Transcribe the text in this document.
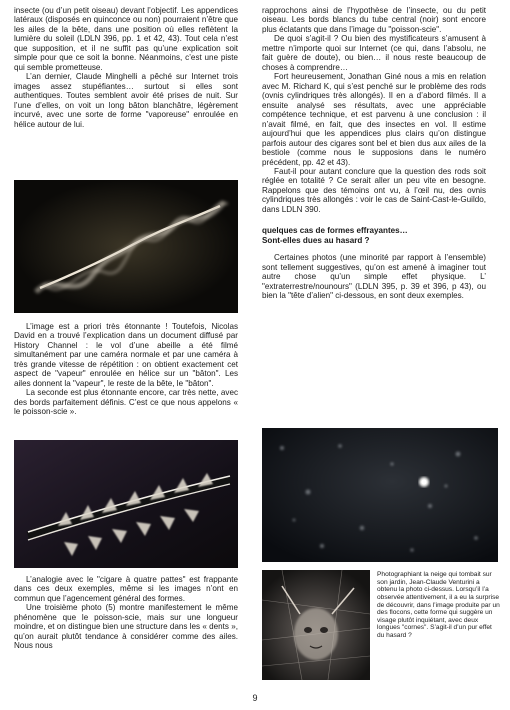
insecte (ou d’un petit oiseau) devant l’objectif. Les appendices latéraux (disposés en quinconce ou non) pourraient n’être que les ailes de la bête, dans une position où elles reflètent la lumière du soleil (LDLN 396, pp. 1 et 42, 43). Tout cela n’est que supposition, et il ne suffit pas qu’une explication soit simple pour que ce soit la bonne. Néanmoins, c’est une piste qui semble prometteuse.

L’an dernier, Claude Minghelli a pêché sur Internet trois images assez stupéfiantes… surtout si elles sont authentiques. Toutes semblent avoir été prises de nuit. Sur l’une d’elles, on voit un long bâton blanchâtre, légèrement incurvé, avec une sorte de forme "vaporeuse" enroulée en hélice autour de lui.

L’image est a priori très étonnante ! Toutefois, Nicolas David en a trouvé l’explication dans un document diffusé par History Channel : le vol d’une abeille a été filmé simultanément par une caméra normale et par une caméra à très grande vitesse de répétition : on obtient exactement cet aspect de "vapeur" enroulée en hélice sur un "bâton". Les ailes donnent la "vapeur", le reste de la bête, le "bâton".

La seconde est plus étonnante encore, car très nette, avec des bords parfaitement définis. C’est ce que nous appelons « le poisson-scie ».

L’analogie avec le "cigare à quatre pattes" est frappante dans ces deux exemples, même si les images n’ont en commun que l’agencement général des formes.

Une troisième photo (5) montre manifestement le même phénomène que le poisson-scie, mais sur une longueur moindre, et on distingue bien une structure dans les « dents », qu’on aurait plutôt tendance à considérer comme des ailes. Nous nous

rapprochons ainsi de l’hypothèse de l’insecte, ou du petit oiseau. Les bords blancs du tube central (noir) sont encore plus éclatants que dans l’image du "poisson-scie".

De quoi s’agit-il ? Ou bien des mystificateurs s’amusent à mettre n’importe quoi sur Internet (ce qui, dans l’absolu, ne fait guère de doute), ou bien… il nous reste beaucoup de choses à comprendre…

Fort heureusement, Jonathan Giné nous a mis en relation avec M. Richard K, qui s’est penché sur le problème des rods (ovnis cylindriques très allongés). Il en a d’abord filmés. Il a ensuite analysé ses résultats, avec une appréciable compétence technique, et est parvenu à une conclusion : il n’avait filmé, en fait, que des insectes en vol. Il estime aujourd’hui que les appendices plus clairs qu’on distingue parfois autour des cigares sont bel et bien dus aux ailes de la bestiole (comme nous le supposions dans le numéro précédent, pp. 42 et 43).

Faut-il pour autant conclure que la question des rods soit réglée en totalité ? Ce serait aller un peu vite en besogne. Rappelons que des témoins ont vu, à l’œil nu, des ovnis cylindriques très allongés : voir le cas de Saint-Cast-le-Guildo, dans LDLN 390.

quelques cas de formes effrayantes…
Sont-elles dues au hasard ?

Certaines photos (une minorité par rapport à l’ensemble) sont tellement suggestives, qu’on est amené à imaginer tout autre chose qu’un simple effet physique. L’ "extraterrestre/nounours" (LDLN 395, p. 39 et 396, p 43), ou bien la "tête d’alien" ci-dessous, en sont deux exemples.

Photographiant la neige qui tombait sur son jardin, Jean-Claude Venturini a obtenu la photo ci-dessus. Lorsqu’il l’a observée attentivement, il a eu la surprise de découvrir, dans l’image produite par un des flocons, cette forme qui suggère un visage plutôt inquiétant, avec deux longues "cornes". S’agit-il d’un pur effet du hasard ?
9
